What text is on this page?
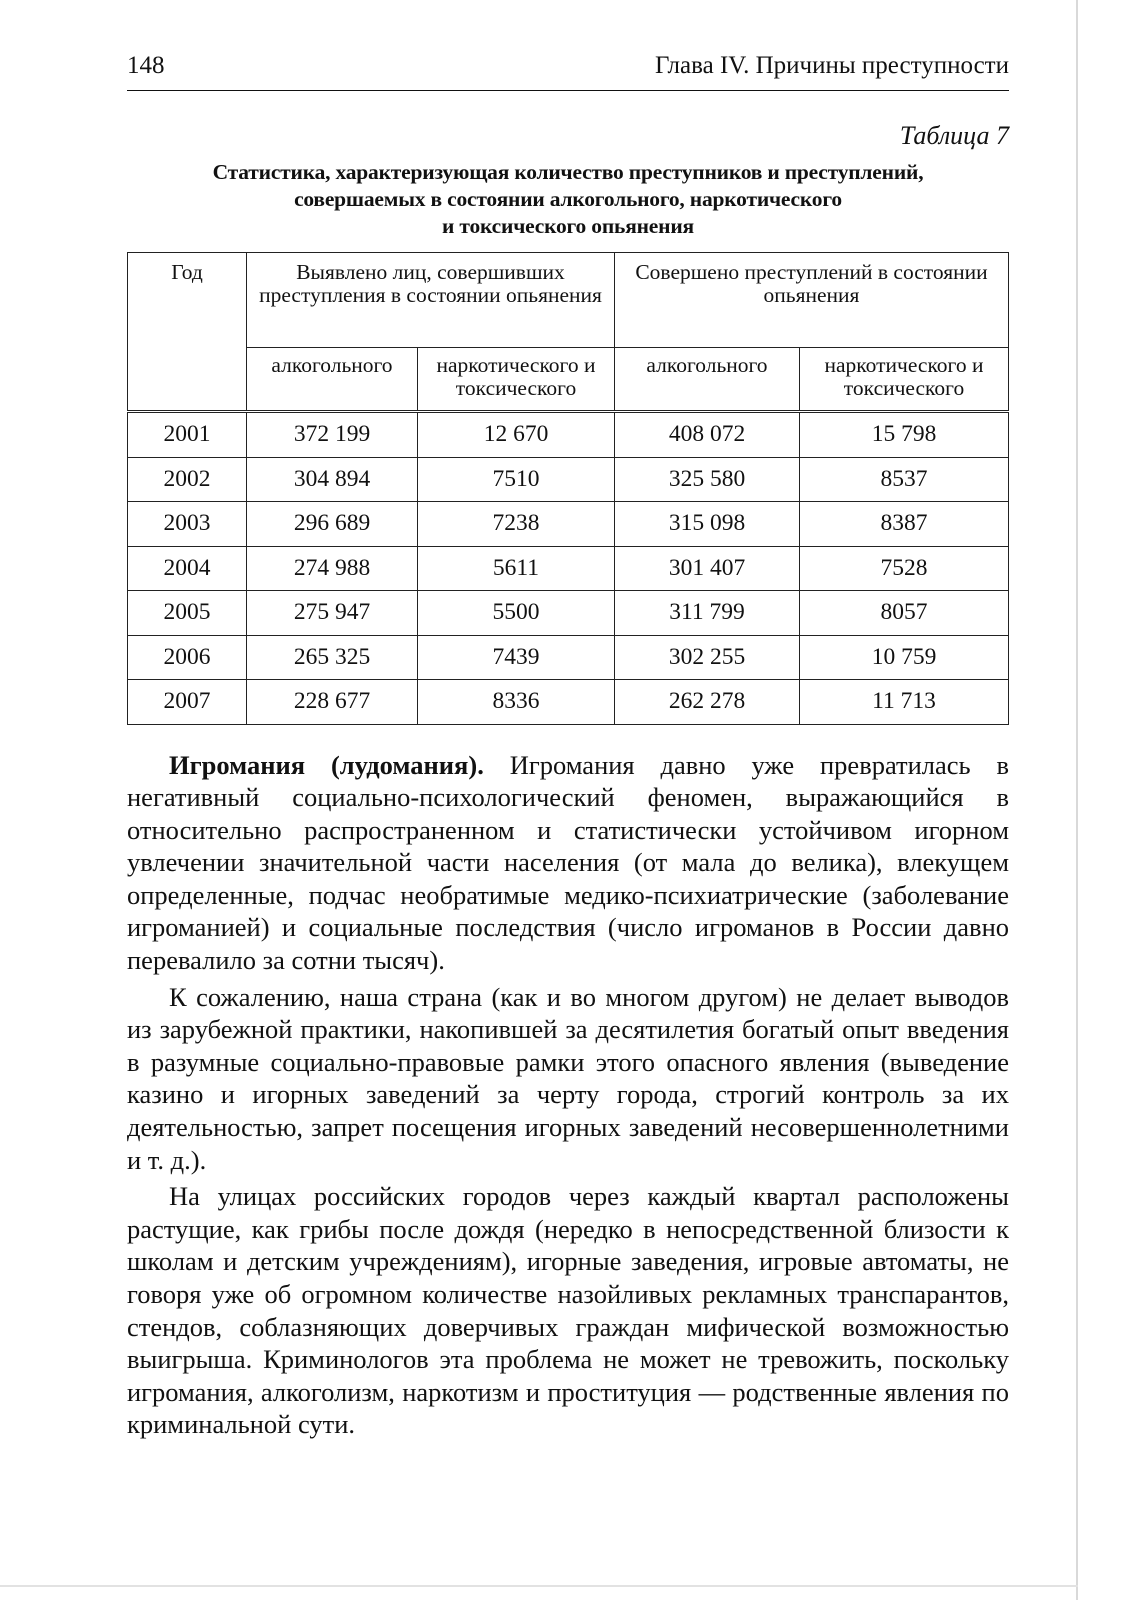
148	Глава IV. Причины преступности
Таблица 7
Статистика, характеризующая количество преступников и преступлений,
совершаемых в состоянии алкогольного, наркотического
и токсического опьянения
Год	Выявлено лиц, совершивших преступления в состоянии опьянения		Совершено преступлений в состоянии опьянения	
	алкогольного	наркотического и токсического	алкогольного	наркотического и токсического
2001	372 199	12 670	408 072	15 798
2002	304 894	7510	325 580	8537
2003	296 689	7238	315 098	8387
2004	274 988	5611	301 407	7528
2005	275 947	5500	311 799	8057
2006	265 325	7439	302 255	10 759
2007	228 677	8336	262 278	11 713

Игромания (лудомания). Игромания давно уже превратилась в негативный социально-психологический феномен, выражающийся в относительно распространенном и статистически устойчивом игорном увлечении значительной части населения (от мала до велика), влекущем определенные, подчас необратимые медико-психиатрические (заболевание игроманией) и социальные последствия (число игроманов в России давно перевалило за сотни тысяч).

К сожалению, наша страна (как и во многом другом) не делает выводов из зарубежной практики, накопившей за десятилетия богатый опыт введения в разумные социально-правовые рамки этого опасного явления (выведение казино и игорных заведений за черту города, строгий контроль за их деятельностью, запрет посещения игорных заведений несовершеннолетними и т. д.).

На улицах российских городов через каждый квартал расположены растущие, как грибы после дождя (нередко в непосредственной близости к школам и детским учреждениям), игорные заведения, игровые автоматы, не говоря уже об огромном количестве назойливых рекламных транспарантов, стендов, соблазняющих доверчивых граждан мифической возможностью выигрыша. Криминологов эта проблема не может не тревожить, поскольку игромания, алкоголизм, наркотизм и проституция — родственные явления по криминальной сути.
